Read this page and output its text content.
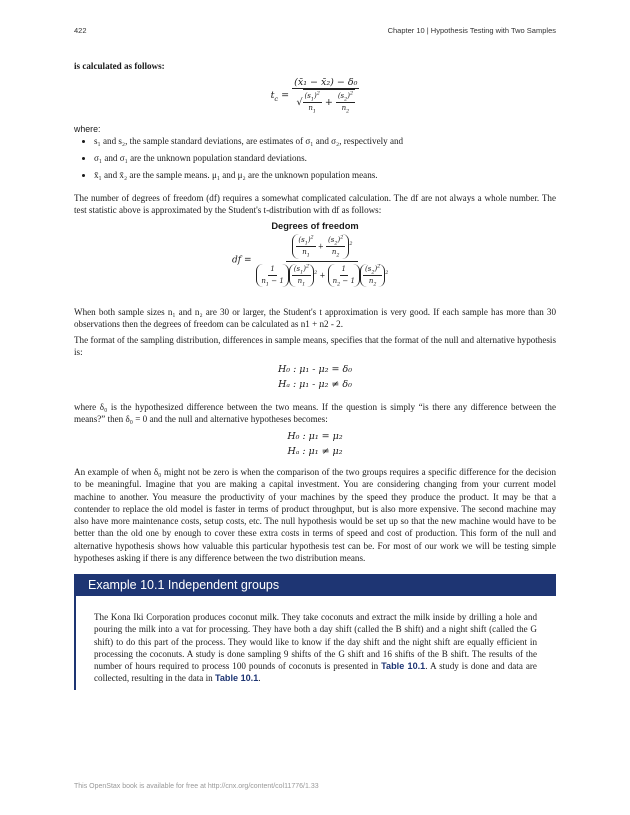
422	Chapter 10 | Hypothesis Testing with Two Samples
is calculated as follows:
$t_c = \frac{\text{(x̄₁ − x̄₂) − δ₀}}{√ \frac{(s_1)^2}{n_1} + \frac{(s_2)^2}{n_2}}$
where:
• s₁ and s₂, the sample standard deviations, are estimates of σ₁ and σ₂, respectively and
• σ₁ and σ₁ are the unknown population standard deviations.
• x̄₁ and x̄₂ are the sample means. μ₁ and μ₂ are the unknown population means.
The number of degrees of freedom (df) requires a somewhat complicated calculation. The df are not always a whole number. The test statistic above is approximated by the Student's t-distribution with df as follows:
Degrees of freedom
df = $\frac{\frac{(s_1)^2}{n_1} + \frac{(s_2)^2}{n_2} ^2}{\frac{1}{n_1 - 1} \frac{(s_1)^2}{n_1} ^2 + \frac{1}{n_2 - 1} \frac{(s_2)^2}{n_2} ^2}$
When both sample sizes n₁ and n₂ are 30 or larger, the Student's t approximation is very good. If each sample has more than 30 observations then the degrees of freedom can be calculated as n1 + n2 - 2.
The format of the sampling distribution, differences in sample means, specifies that the format of the null and alternative hypothesis is:
H₀ : μ₁ - μ₂ = δ₀
Hₐ : μ₁ - μ₂ ≠ δ₀
where δ₀ is the hypothesized difference between the two means. If the question is simply “is there any difference between the means?” then δ₀ = 0 and the null and alternative hypotheses becomes:
H₀ : μ₁ = μ₂
Hₐ : μ₁ ≠ μ₂
An example of when δ₀ might not be zero is when the comparison of the two groups requires a specific difference for the decision to be meaningful. Imagine that you are making a capital investment. You are considering changing from your current model machine to another. You measure the productivity of your machines by the speed they produce the product. It may be that a contender to replace the old model is faster in terms of product throughput, but is also more expensive. The second machine may also have more maintenance costs, setup costs, etc. The null hypothesis would be set up so that the new machine would have to be better than the old one by enough to cover these extra costs in terms of speed and cost of production. This form of the null and alternative hypothesis shows how valuable this particular hypothesis test can be. For most of our work we will be testing simple hypotheses asking if there is any difference between the two distribution means.
Example 10.1 Independent groups
The Kona Iki Corporation produces coconut milk. They take coconuts and extract the milk inside by drilling a hole and pouring the milk into a vat for processing. They have both a day shift (called the B shift) and a night shift (called the G shift) to do this part of the process. They would like to know if the day shift and the night shift are equally efficient in processing the coconuts. A study is done sampling 9 shifts of the G shift and 16 shifts of the B shift. The results of the number of hours required to process 100 pounds of coconuts is presented in Table 10.1. A study is done and data are collected, resulting in the data in Table 10.1.
This OpenStax book is available for free at http://cnx.org/content/col11776/1.33
